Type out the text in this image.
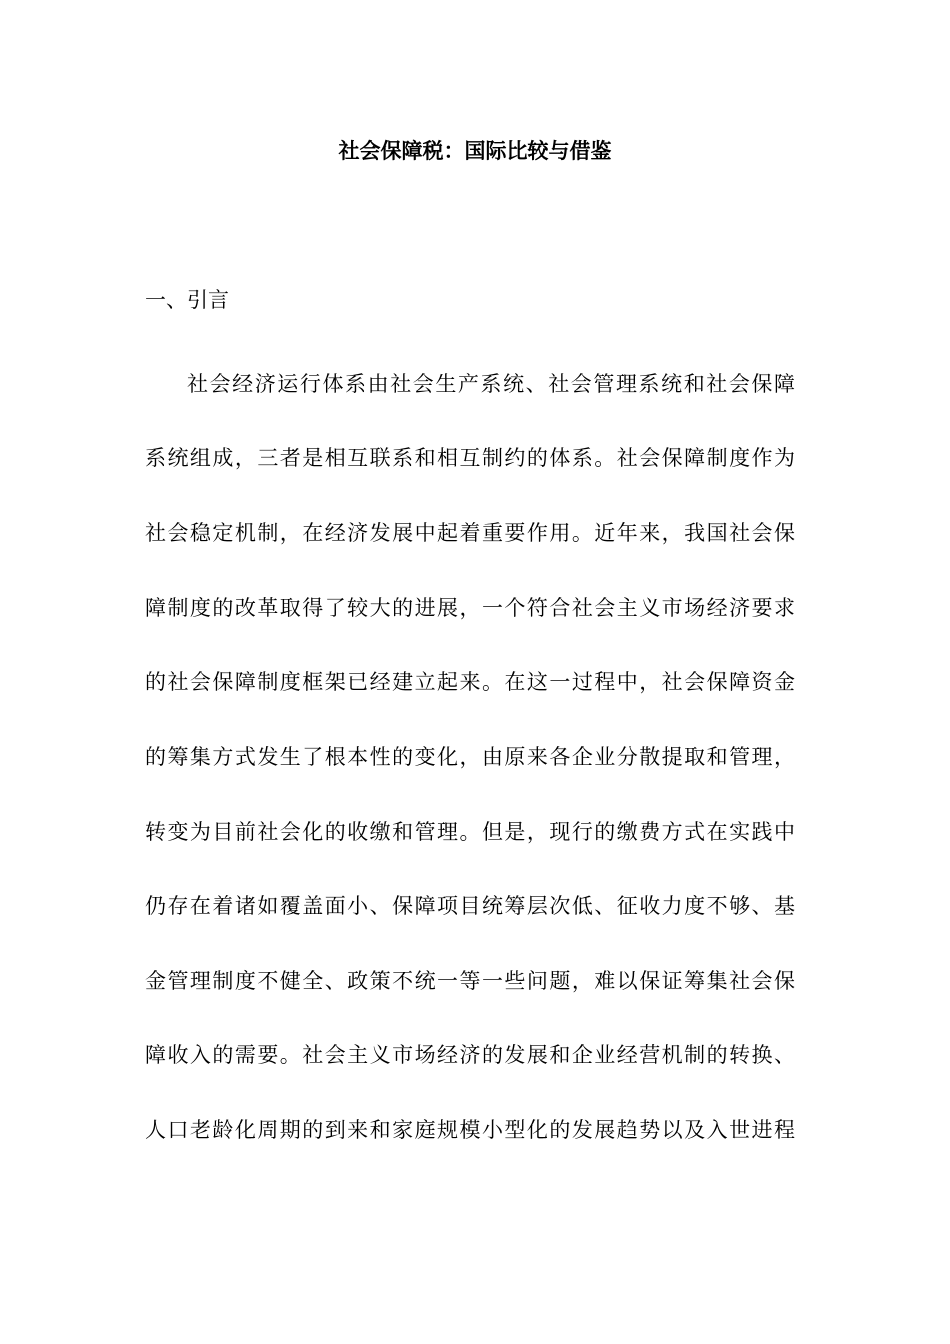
社会保障税：国际比较与借鉴
一、引言
社会经济运行体系由社会生产系统、社会管理系统和社会保障
系统组成，三者是相互联系和相互制约的体系。社会保障制度作为
社会稳定机制，在经济发展中起着重要作用。近年来，我国社会保
障制度的改革取得了较大的进展，一个符合社会主义市场经济要求
的社会保障制度框架已经建立起来。在这一过程中，社会保障资金
的筹集方式发生了根本性的变化，由原来各企业分散提取和管理，
转变为目前社会化的收缴和管理。但是，现行的缴费方式在实践中
仍存在着诸如覆盖面小、保障项目统筹层次低、征收力度不够、基
金管理制度不健全、政策不统一等一些问题，难以保证筹集社会保
障收入的需要。社会主义市场经济的发展和企业经营机制的转换、
人口老龄化周期的到来和家庭规模小型化的发展趋势以及入世进程
